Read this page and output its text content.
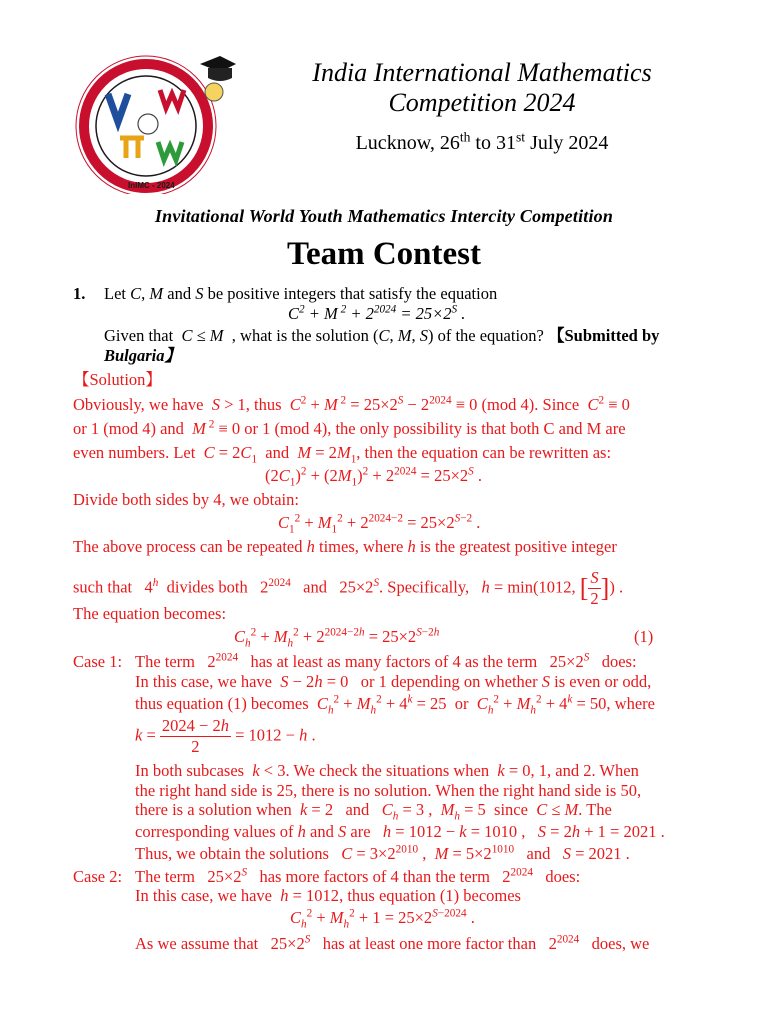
InIMC - 2024
India International Mathematics
Competition 2024
Lucknow, 26th to 31st July 2024
Invitational World Youth Mathematics Intercity Competition
Team Contest
1. Let C, M and S be positive integers that satisfy the equation
$C^2 + M$ $^2 + 2^{2024} = 25\times 2^S$ .
Given that  C ≤ M  , what is the solution (C, M, S) of the equation? 【Submitted by
Bulgaria】
【Solution】
Obviously, we have S > 1, thus $C^2 + M$ $^2 = 25\times 2^S - 2^{2024} \equiv 0$ (mod 4). Since $C^2 \equiv 0$
or 1 (mod 4) and M $^2$ ≡ 0 or 1 (mod 4), the only possibility is that both C and M are
even numbers. Let $C = 2C_1$ and $M = 2M_1$, then the equation can be rewritten as:
$(2C_1)^2 + (2M_1)^2 + 2^{2024} = 25\times 2^S$ .
Divide both sides by 4, we obtain:
$C_1^2 + M_1^2 + 2^{2024-2} = 25\times 2^{S-2}$ .
The above process can be repeated h times, where h is the greatest positive integer
such that   4$^h$ divides both   $2^{2024}$ and   $25\times 2^S$. Specifically, h = min(1012, [ $\frac{S}{2}$ ]) .
The equation becomes:
$C_h^2 + M_h^2 + 2^{2024-2h} = 25\times 2^{S-2h}$	(1)
Case 1: The term   $2^{2024}$ has at least as many factors of 4 as the term   $25\times 2^S$ does:
In this case, we have S − 2h = 0   or 1 depending on whether S is even or odd,
thus equation (1) becomes $C_h^2 + M_h^2 + 4^k = 25$  or $C_h^2 + M_h^2 + 4^k = 50$, where
$k = \frac{2024 - 2h}{2} = 1012 - h$ .
In both subcases k < 3. We check the situations when k = 0, 1, and 2. When
the right hand side is 25, there is no solution. When the right hand side is 50,
there is a solution when k = 2   and $C_h = 3$ ,  $M_h = 5$  since C ≤ M. The
corresponding values of h and S are   h = 1012 − k = 1010 ,   S = 2h + 1 = 2021 .
Thus, we obtain the solutions $C = 3\times 2^{2010}$ ,  $M = 5\times 2^{1010}$ and S = 2021 .
Case 2: The term   $25\times 2^S$ has more factors of 4 than the term   $2^{2024}$ does:
In this case, we have h = 1012, thus equation (1) becomes
$C_h^2 + M_h^2 + 1 = 25\times 2^{S-2024}$ .
As we assume that   $25\times 2^S$ has at least one more factor than   $2^{2024}$ does, we
